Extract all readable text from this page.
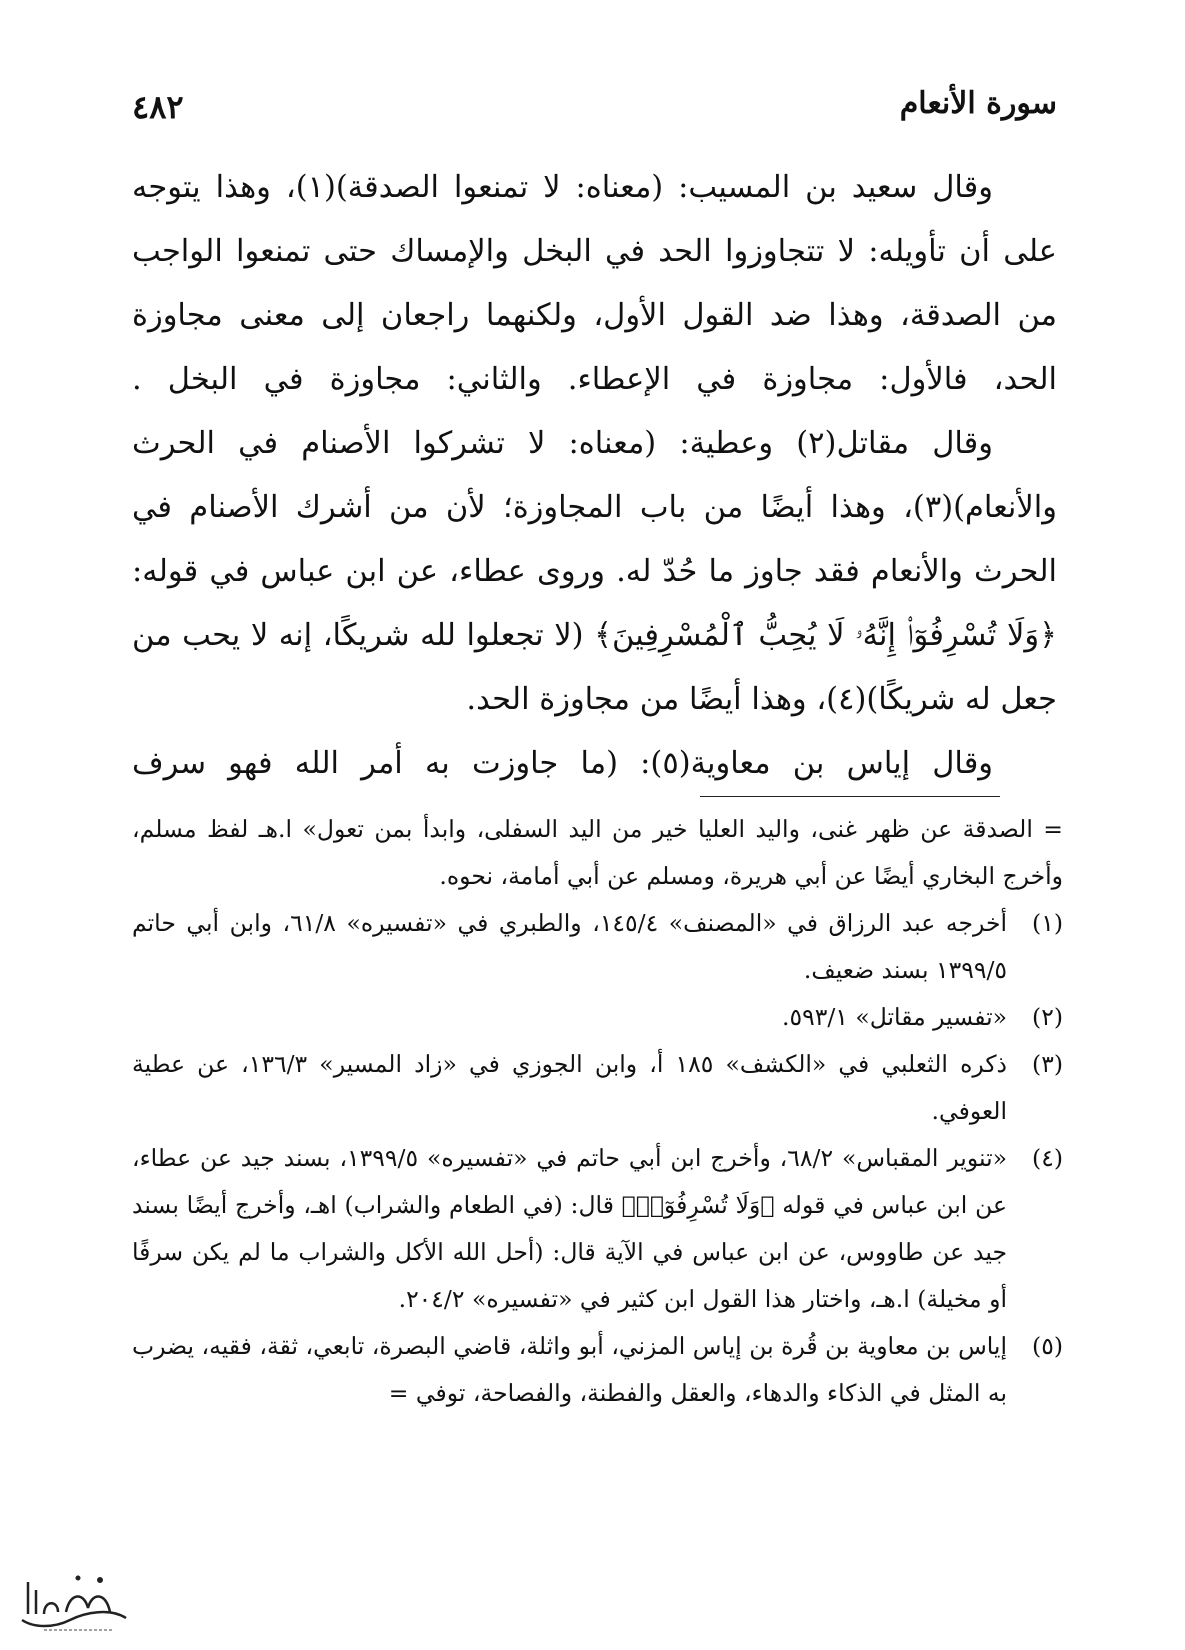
سورة الأنعام
٤٨٢

وقال سعيد بن المسيب: (معناه: لا تمنعوا الصدقة)(١)، وهذا يتوجه على أن تأويله: لا تتجاوزوا الحد في البخل والإمساك حتى تمنعوا الواجب من الصدقة، وهذا ضد القول الأول، ولكنهما راجعان إلى معنى مجاوزة الحد، فالأول: مجاوزة في الإعطاء. والثاني: مجاوزة في البخل .

وقال مقاتل(٢) وعطية: (معناه: لا تشركوا الأصنام في الحرث والأنعام)(٣)، وهذا أيضًا من باب المجاوزة؛ لأن من أشرك الأصنام في الحرث والأنعام فقد جاوز ما حُدّ له. وروى عطاء، عن ابن عباس في قوله: ﴿وَلَا تُسْرِفُوٓا۟ إِنَّهُۥ لَا يُحِبُّ ٱلْمُسْرِفِينَ﴾ (لا تجعلوا لله شريكًا، إنه لا يحب من جعل له شريكًا)(٤)، وهذا أيضًا من مجاوزة الحد.

وقال إياس بن معاوية(٥): (ما جاوزت به أمر الله فهو سرف

= الصدقة عن ظهر غنى، واليد العليا خير من اليد السفلى، وابدأ بمن تعول» ا.هـ لفظ مسلم، وأخرج البخاري أيضًا عن أبي هريرة، ومسلم عن أبي أمامة، نحوه.
(١)
أخرجه عبد الرزاق في «المصنف» ١٤٥/٤، والطبري في «تفسيره» ٦١/٨، وابن أبي حاتم ١٣٩٩/٥ بسند ضعيف.
(٢)
«تفسير مقاتل» ٥٩٣/١.
(٣)
ذكره الثعلبي في «الكشف» ١٨٥ أ، وابن الجوزي في «زاد المسير» ١٣٦/٣، عن عطية العوفي.
(٤)
«تنوير المقباس» ٦٨/٢، وأخرج ابن أبي حاتم في «تفسيره» ١٣٩٩/٥، بسند جيد عن عطاء، عن ابن عباس في قوله ﴿وَلَا تُسْرِفُوٓا۟﴾ قال: (في الطعام والشراب) اهـ، وأخرج أيضًا بسند جيد عن طاووس، عن ابن عباس في الآية قال: (أحل الله الأكل والشراب ما لم يكن سرفًا أو مخيلة) ا.هـ، واختار هذا القول ابن كثير في «تفسيره» ٢٠٤/٢.
(٥)
إياس بن معاوية بن قُرة بن إياس المزني، أبو واثلة، قاضي البصرة، تابعي، ثقة، فقيه، يضرب به المثل في الذكاء والدهاء، والعقل والفطنة، والفصاحة، توفي =
